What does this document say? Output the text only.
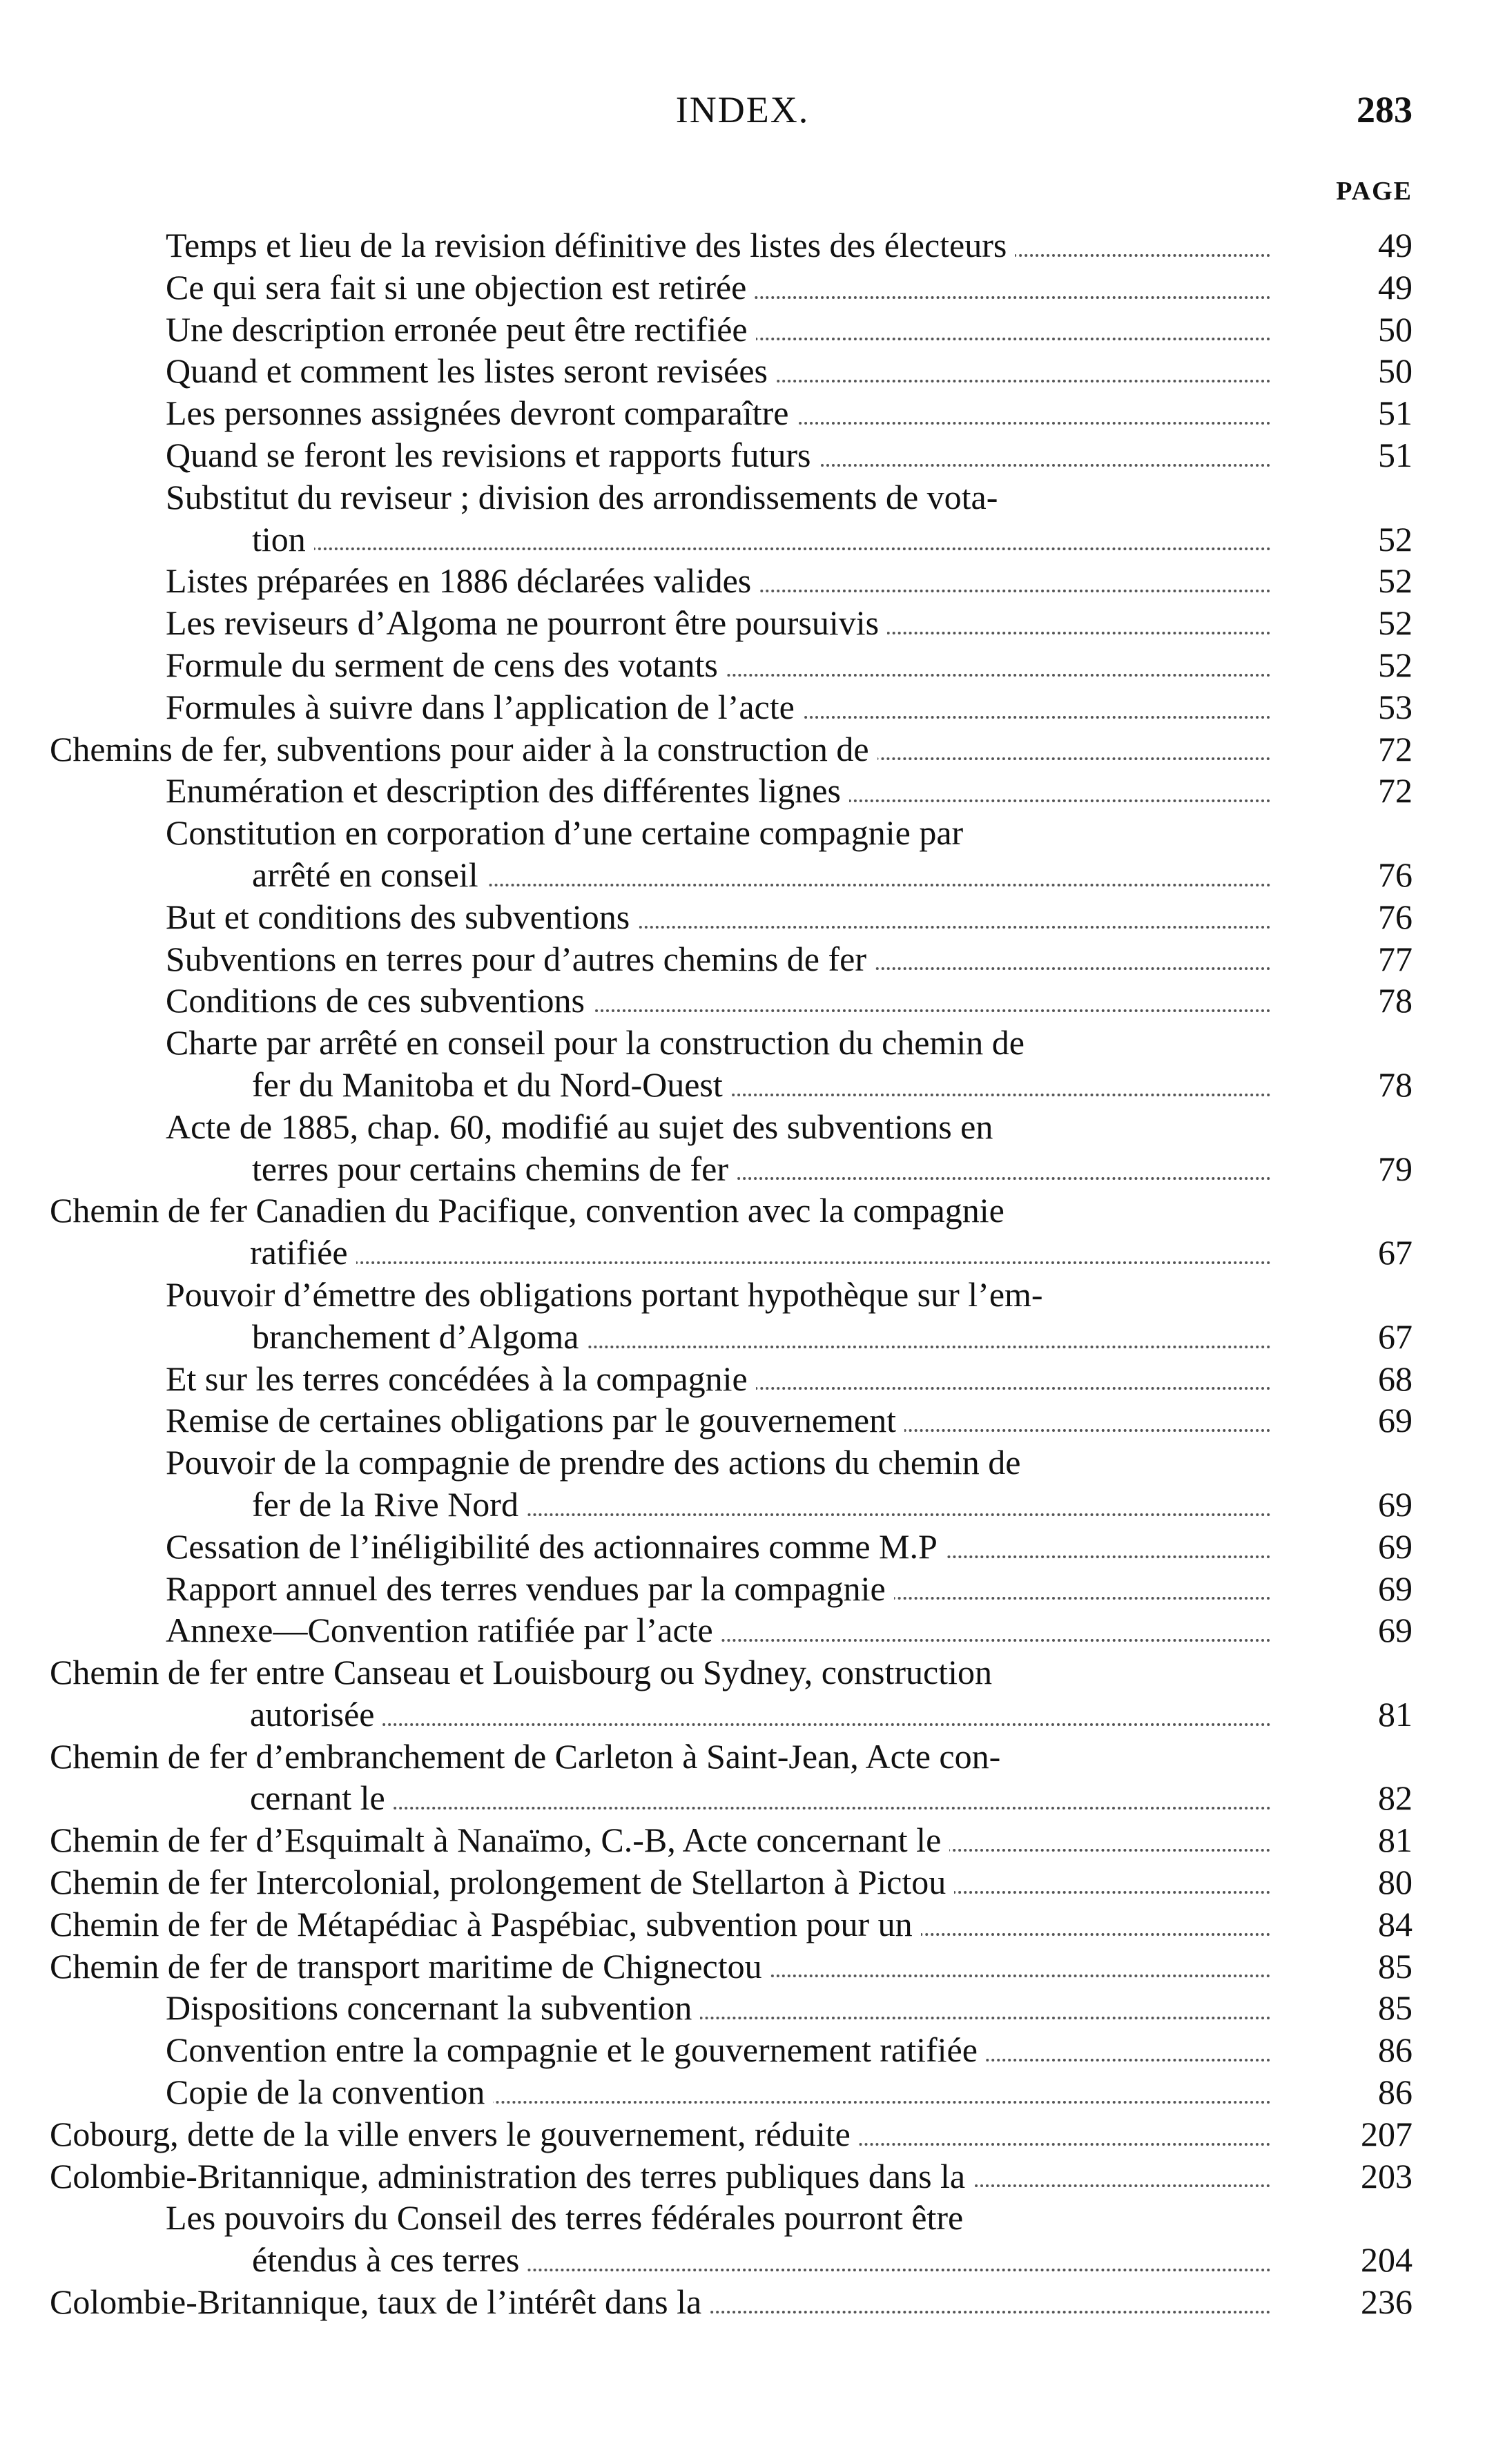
INDEX.	283
PAGE
Temps et lieu de la revision définitive des listes des électeurs	49
Ce qui sera fait si une objection est retirée	49
Une description erronée peut être rectifiée	50
Quand et comment les listes seront revisées	50
Les personnes assignées devront comparaître	51
Quand se feront les revisions et rapports futurs	51
Substitut du reviseur ; division des arrondissements de vota-
tion	52
Listes préparées en 1886 déclarées valides	52
Les reviseurs d’Algoma ne pourront être poursuivis	52
Formule du serment de cens des votants	52
Formules à suivre dans l’application de l’acte	53
Chemins de fer, subventions pour aider à la construction de	72
Enumération et description des différentes lignes	72
Constitution en corporation d’une certaine compagnie par
arrêté en conseil	76
But et conditions des subventions	76
Subventions en terres pour d’autres chemins de fer	77
Conditions de ces subventions	78
Charte par arrêté en conseil pour la construction du chemin de
fer du Manitoba et du Nord-Ouest	78
Acte de 1885, chap. 60, modifié au sujet des subventions en
terres pour certains chemins de fer	79
Chemin de fer Canadien du Pacifique, convention avec la compagnie
ratifiée	67
Pouvoir d’émettre des obligations portant hypothèque sur l’em-
branchement d’Algoma	67
Et sur les terres concédées à la compagnie	68
Remise de certaines obligations par le gouvernement	69
Pouvoir de la compagnie de prendre des actions du chemin de
fer de la Rive Nord	69
Cessation de l’inéligibilité des actionnaires comme M.P	69
Rapport annuel des terres vendues par la compagnie	69
Annexe—Convention ratifiée par l’acte	69
Chemin de fer entre Canseau et Louisbourg ou Sydney, construction
autorisée	81
Chemin de fer d’embranchement de Carleton à Saint-Jean, Acte con-
cernant le	82
Chemin de fer d’Esquimalt à Nanaïmo, C.-B, Acte concernant le	81
Chemin de fer Intercolonial, prolongement de Stellarton à Pictou	80
Chemin de fer de Métapédiac à Paspébiac, subvention pour un	84
Chemin de fer de transport maritime de Chignectou	85
Dispositions concernant la subvention	85
Convention entre la compagnie et le gouvernement ratifiée	86
Copie de la convention	86
Cobourg, dette de la ville envers le gouvernement, réduite	207
Colombie-Britannique, administration des terres publiques dans la	203
Les pouvoirs du Conseil des terres fédérales pourront être
étendus à ces terres	204
Colombie-Britannique, taux de l’intérêt dans la	236
